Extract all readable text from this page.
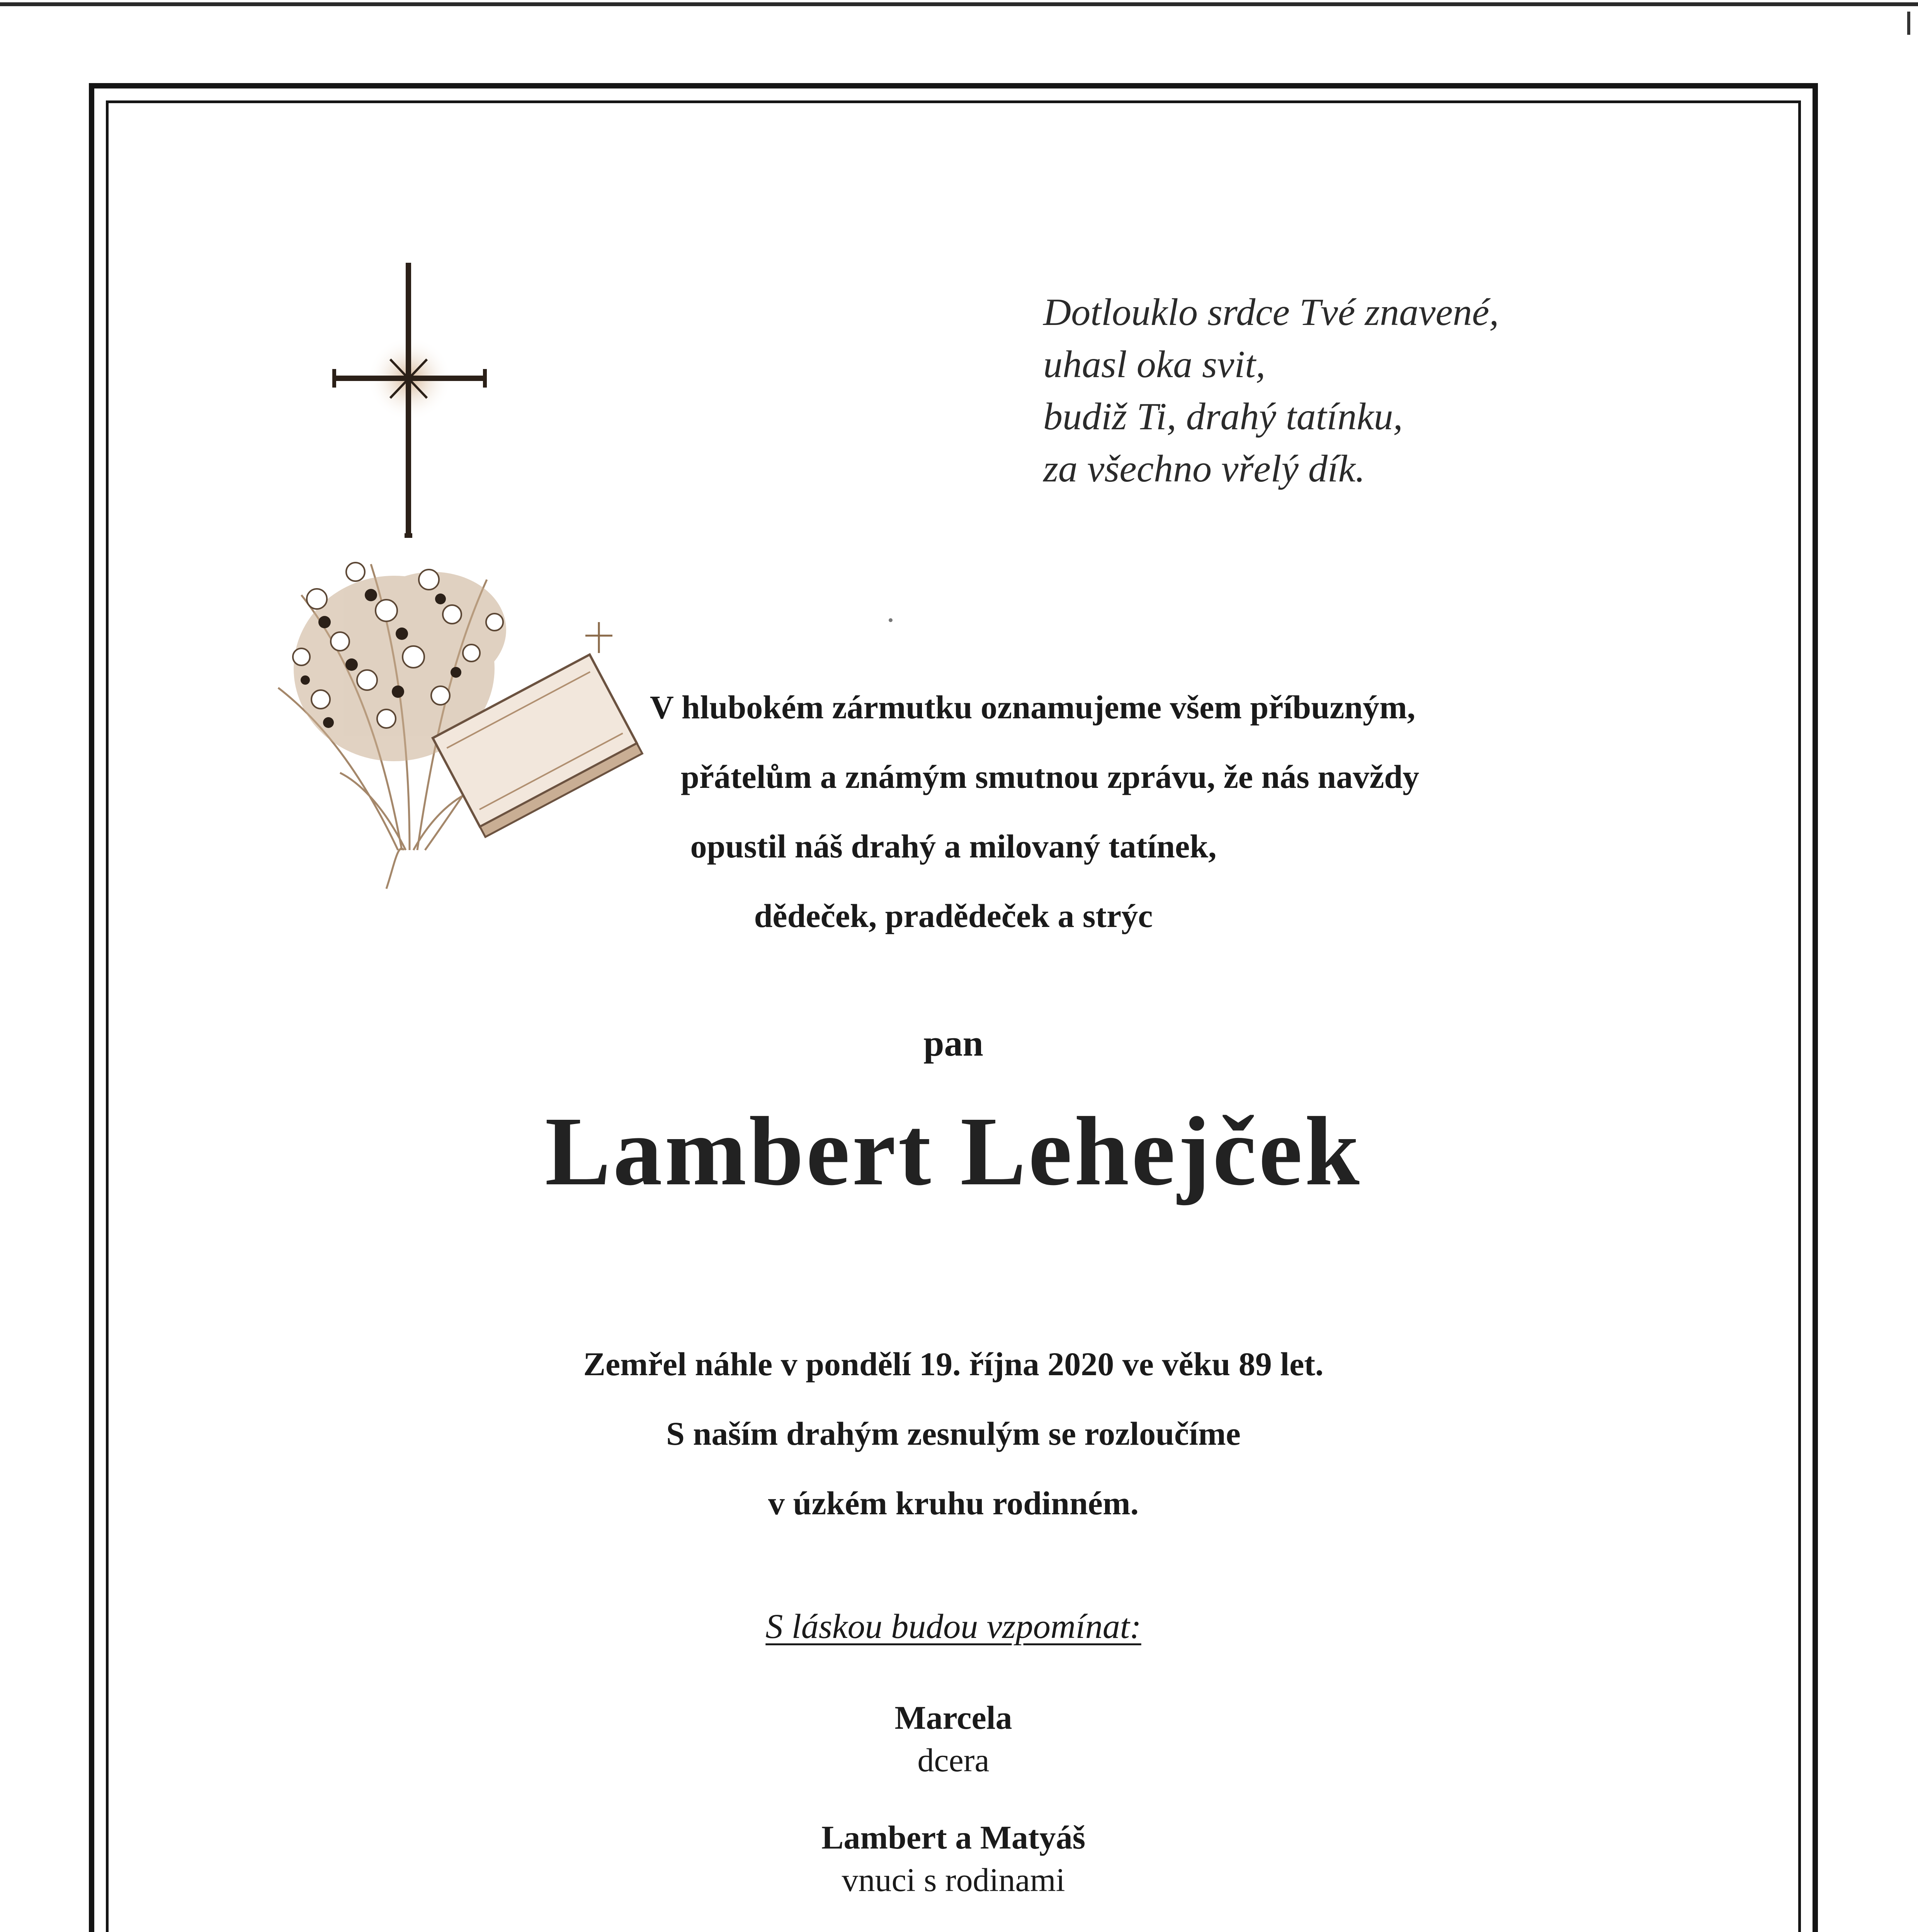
Dotlouklo srdce Tvé znavené,
uhasl oka svit,
budiž Ti, drahý tatínku,
za všechno vřelý dík.
V hlubokém zármutku oznamujeme všem příbuzným,
přátelům a známým smutnou zprávu, že nás navždy
opustil náš drahý a milovaný tatínek,
dědeček, pradědeček a strýc
pan
Lambert Lehejček
Zemřel náhle v pondělí 19. října 2020 ve věku 89 let.
S naším drahým zesnulým se rozloučíme
v úzkém kruhu rodinném.
S láskou budou vzpomínat:
Marcela
dcera
Lambert a Matyáš
vnuci s rodinami
